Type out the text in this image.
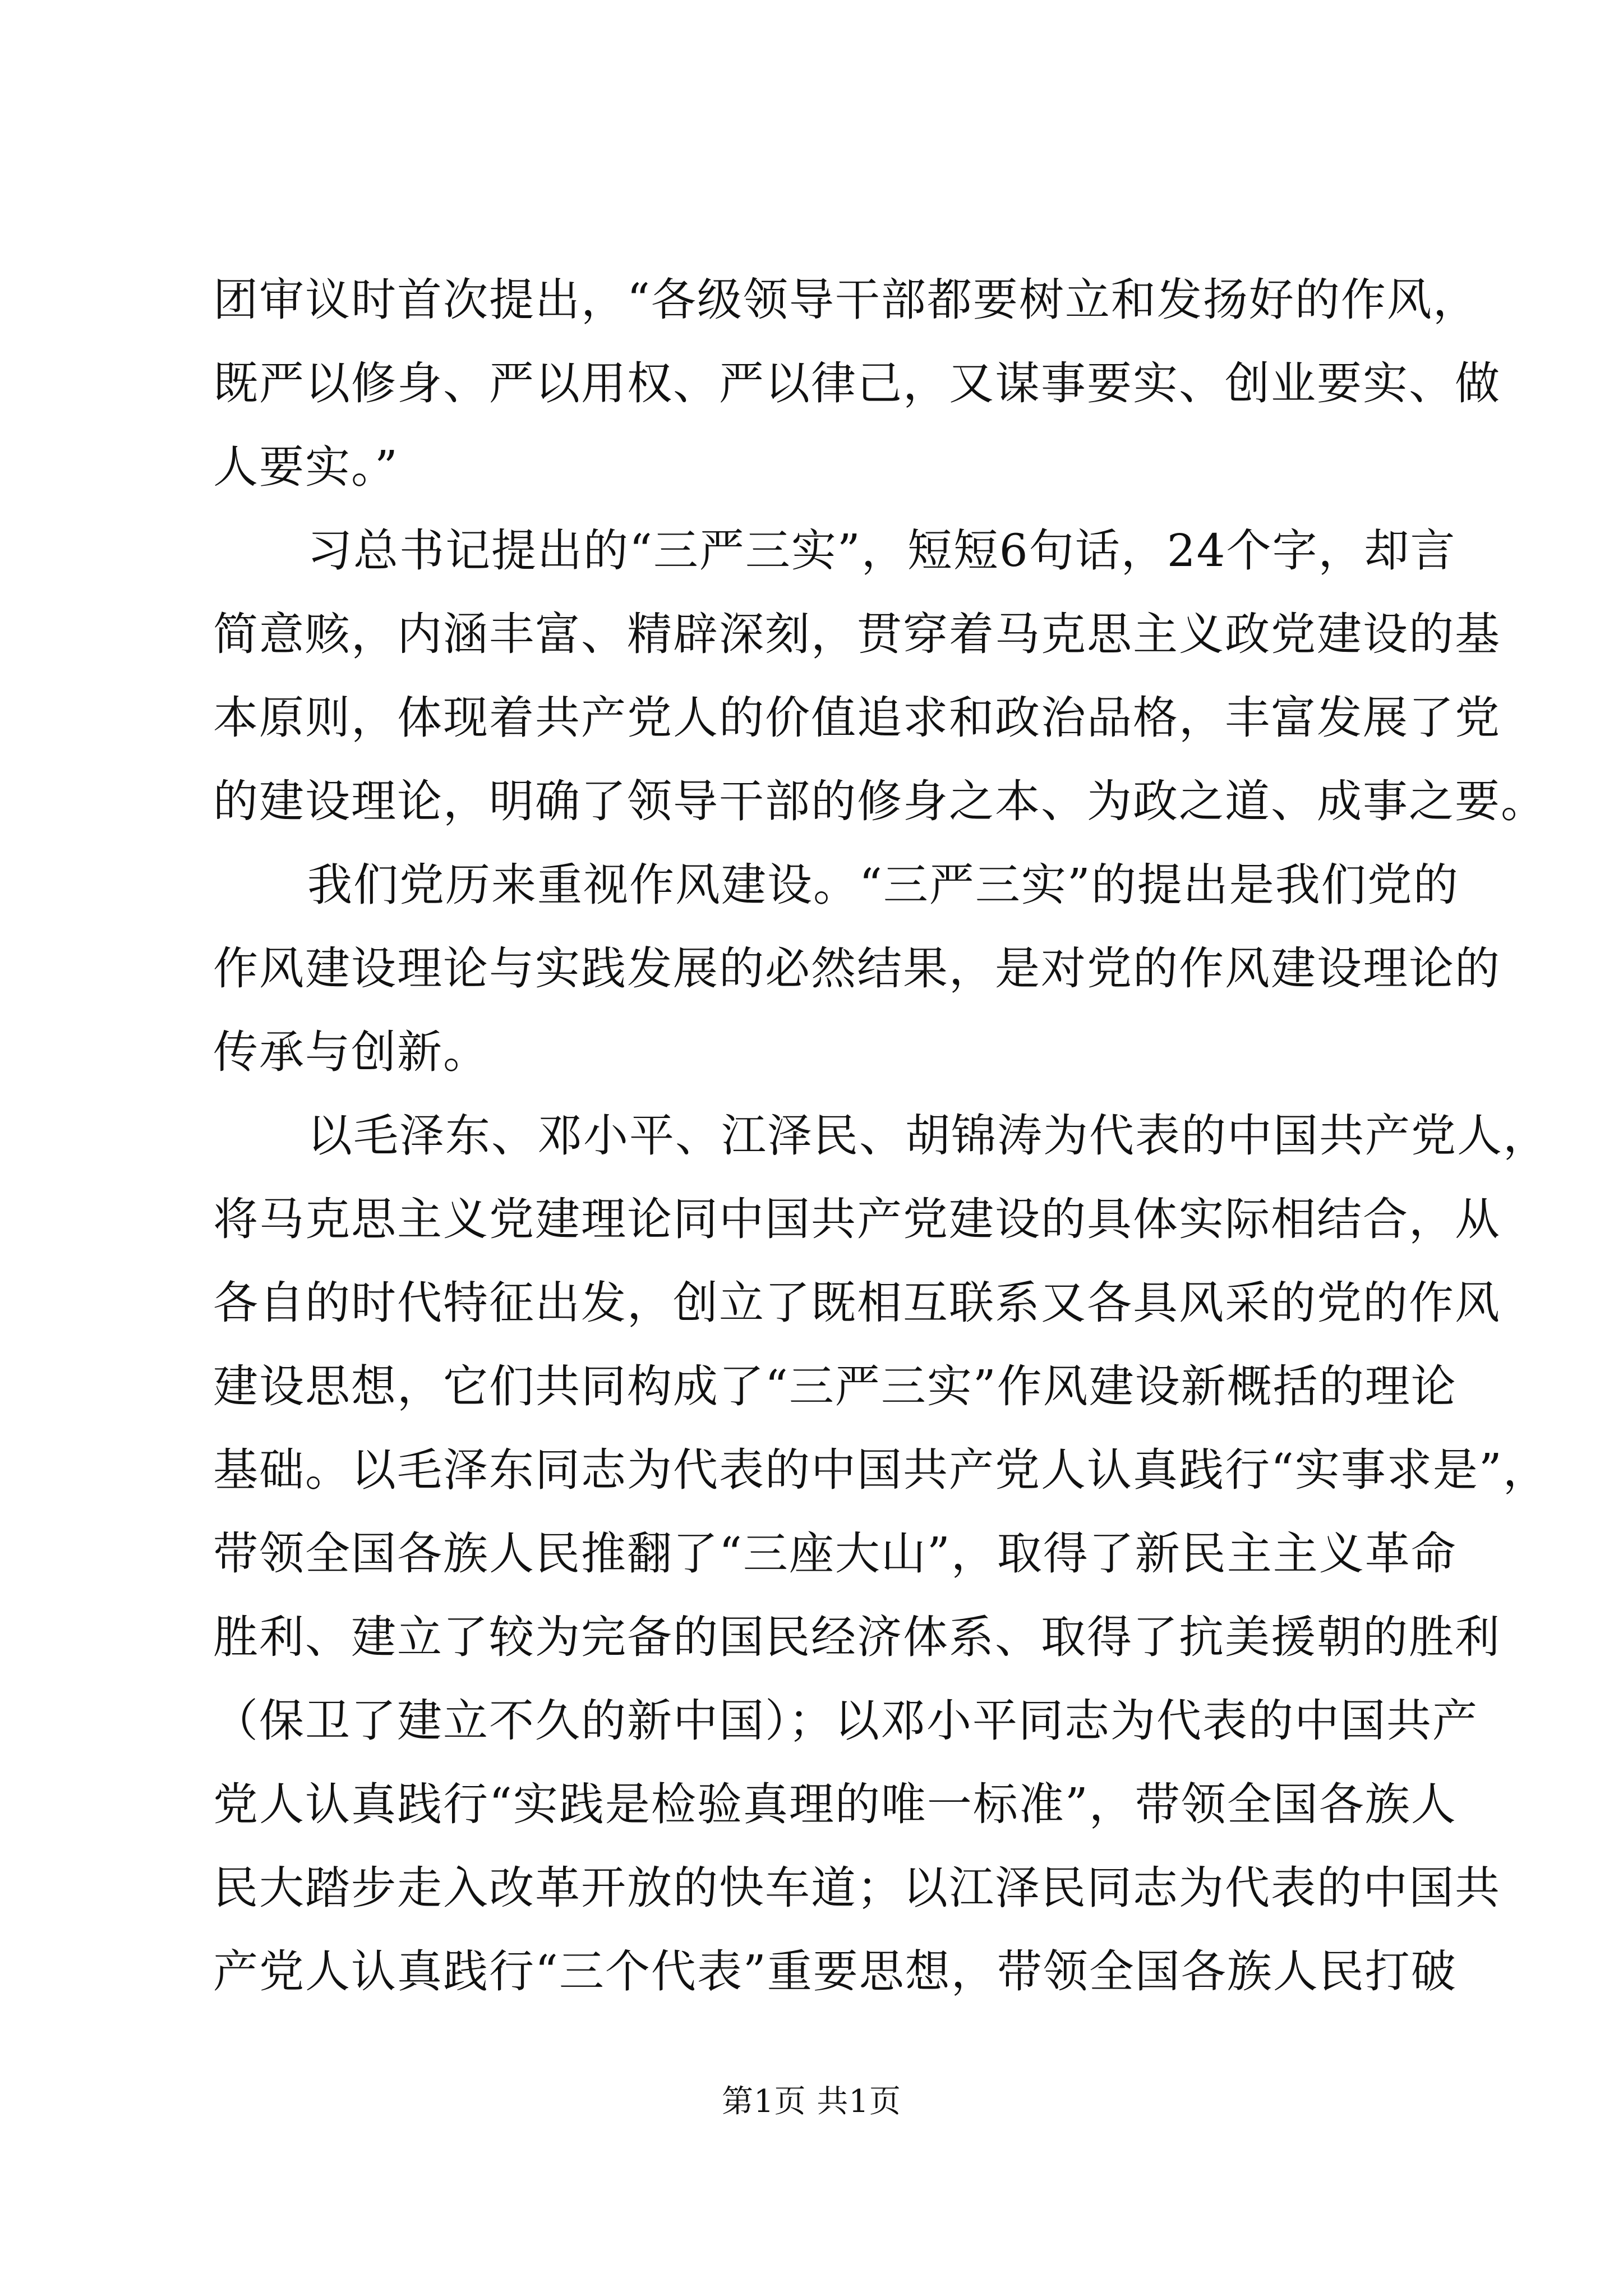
团审议时首次提出，“各级领导干部都要树立和发扬好的作风，
既严以修身、严以用权、严以律己，又谋事要实、创业要实、做
人要实。”
习总书记提出的“三严三实”，短短6句话，24个字，却言
简意赅，内涵丰富、精辟深刻，贯穿着马克思主义政党建设的基
本原则，体现着共产党人的价值追求和政治品格，丰富发展了党
的建设理论，明确了领导干部的修身之本、为政之道、成事之要。
我们党历来重视作风建设。“三严三实”的提出是我们党的
作风建设理论与实践发展的必然结果，是对党的作风建设理论的
传承与创新。
以毛泽东、邓小平、江泽民、胡锦涛为代表的中国共产党人，
将马克思主义党建理论同中国共产党建设的具体实际相结合，从
各自的时代特征出发，创立了既相互联系又各具风采的党的作风
建设思想，它们共同构成了“三严三实”作风建设新概括的理论
基础。以毛泽东同志为代表的中国共产党人认真践行“实事求是”，
带领全国各族人民推翻了“三座大山”，取得了新民主主义革命
胜利、建立了较为完备的国民经济体系、取得了抗美援朝的胜利
（保卫了建立不久的新中国）；以邓小平同志为代表的中国共产
党人认真践行“实践是检验真理的唯一标准”，带领全国各族人
民大踏步走入改革开放的快车道；以江泽民同志为代表的中国共
产党人认真践行“三个代表”重要思想，带领全国各族人民打破
第1页 共1页
